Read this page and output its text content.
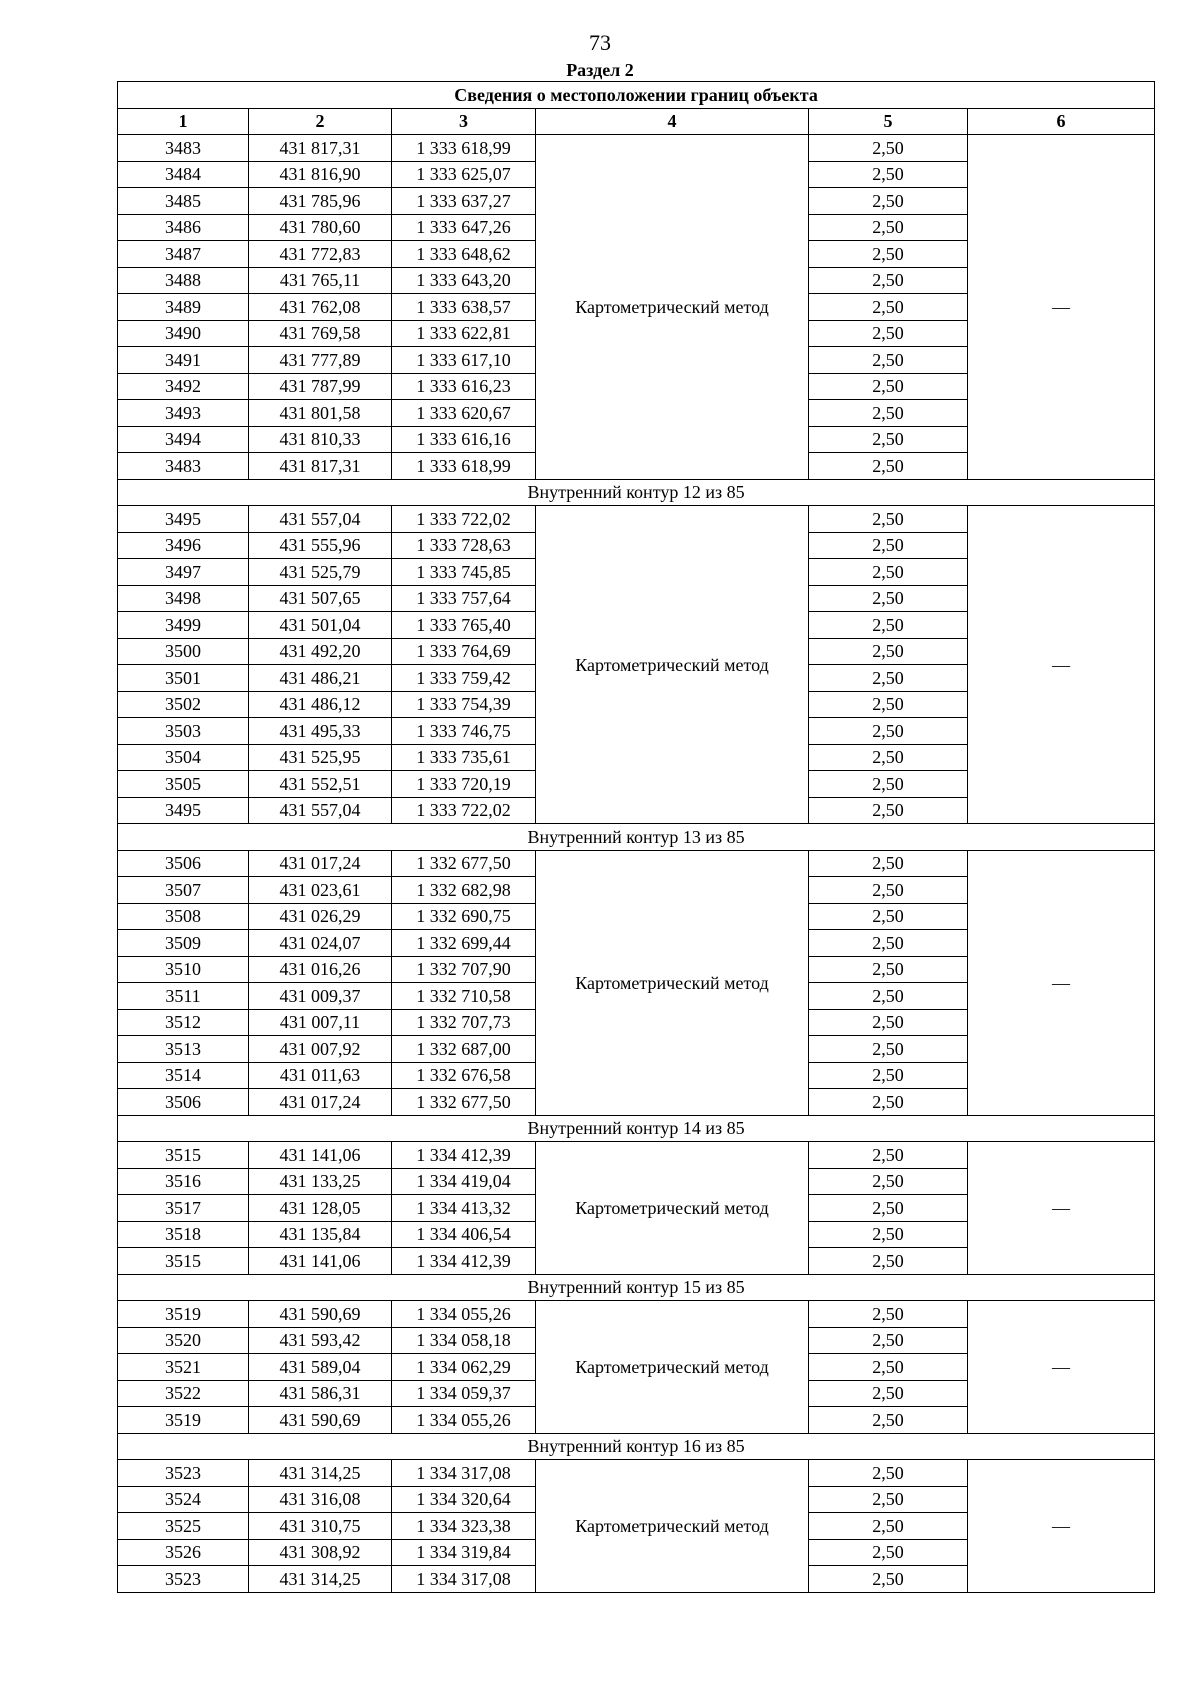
73
Раздел 2
Сведения о местоположении границ объекта					
1	2	3	4	5	6
3483	431 817,31	1 333 618,99	Картометрический метод	2,50	—
3484	431 816,90	1 333 625,07		2,50	
3485	431 785,96	1 333 637,27		2,50	
3486	431 780,60	1 333 647,26		2,50	
3487	431 772,83	1 333 648,62		2,50	
3488	431 765,11	1 333 643,20		2,50	
3489	431 762,08	1 333 638,57		2,50	
3490	431 769,58	1 333 622,81		2,50	
3491	431 777,89	1 333 617,10		2,50	
3492	431 787,99	1 333 616,23		2,50	
3493	431 801,58	1 333 620,67		2,50	
3494	431 810,33	1 333 616,16		2,50	
3483	431 817,31	1 333 618,99		2,50	
Внутренний контур 12 из 85					
3495	431 557,04	1 333 722,02	Картометрический метод	2,50	—
3496	431 555,96	1 333 728,63		2,50	
3497	431 525,79	1 333 745,85		2,50	
3498	431 507,65	1 333 757,64		2,50	
3499	431 501,04	1 333 765,40		2,50	
3500	431 492,20	1 333 764,69		2,50	
3501	431 486,21	1 333 759,42		2,50	
3502	431 486,12	1 333 754,39		2,50	
3503	431 495,33	1 333 746,75		2,50	
3504	431 525,95	1 333 735,61		2,50	
3505	431 552,51	1 333 720,19		2,50	
3495	431 557,04	1 333 722,02		2,50	
Внутренний контур 13 из 85					
3506	431 017,24	1 332 677,50	Картометрический метод	2,50	—
3507	431 023,61	1 332 682,98		2,50	
3508	431 026,29	1 332 690,75		2,50	
3509	431 024,07	1 332 699,44		2,50	
3510	431 016,26	1 332 707,90		2,50	
3511	431 009,37	1 332 710,58		2,50	
3512	431 007,11	1 332 707,73		2,50	
3513	431 007,92	1 332 687,00		2,50	
3514	431 011,63	1 332 676,58		2,50	
3506	431 017,24	1 332 677,50		2,50	
Внутренний контур 14 из 85					
3515	431 141,06	1 334 412,39	Картометрический метод	2,50	—
3516	431 133,25	1 334 419,04		2,50	
3517	431 128,05	1 334 413,32		2,50	
3518	431 135,84	1 334 406,54		2,50	
3515	431 141,06	1 334 412,39		2,50	
Внутренний контур 15 из 85					
3519	431 590,69	1 334 055,26	Картометрический метод	2,50	—
3520	431 593,42	1 334 058,18		2,50	
3521	431 589,04	1 334 062,29		2,50	
3522	431 586,31	1 334 059,37		2,50	
3519	431 590,69	1 334 055,26		2,50	
Внутренний контур 16 из 85					
3523	431 314,25	1 334 317,08	Картометрический метод	2,50	—
3524	431 316,08	1 334 320,64		2,50	
3525	431 310,75	1 334 323,38		2,50	
3526	431 308,92	1 334 319,84		2,50	
3523	431 314,25	1 334 317,08		2,50	
